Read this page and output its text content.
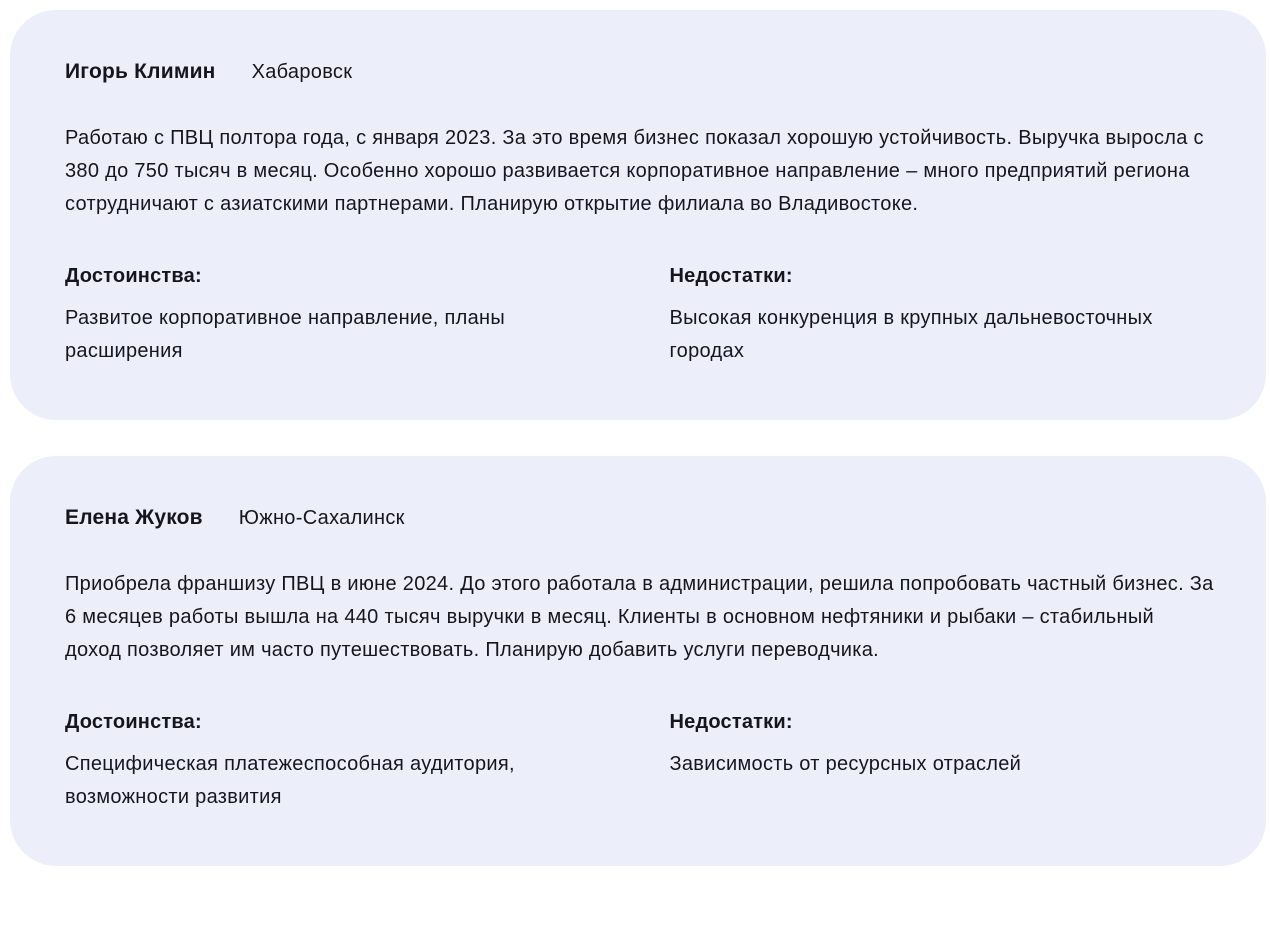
Игорь Климин Хабаровск

Работаю с ПВЦ полтора года, с января 2023. За это время бизнес показал хорошую устойчивость. Выручка выросла с 380 до 750 тысяч в месяц. Особенно хорошо развивается корпоративное направление – много предприятий региона сотрудничают с азиатскими партнерами. Планирую открытие филиала во Владивостоке.

Достоинства:

Развитое корпоративное направление, планы расширения

Недостатки:

Высокая конкуренция в крупных дальневосточных городах

Елена Жуков Южно-Сахалинск

Приобрела франшизу ПВЦ в июне 2024. До этого работала в администрации, решила попробовать частный бизнес. За 6 месяцев работы вышла на 440 тысяч выручки в месяц. Клиенты в основном нефтяники и рыбаки – стабильный доход позволяет им часто путешествовать. Планирую добавить услуги переводчика.

Достоинства:

Специфическая платежеспособная аудитория, возможности развития

Недостатки:

Зависимость от ресурсных отраслей
